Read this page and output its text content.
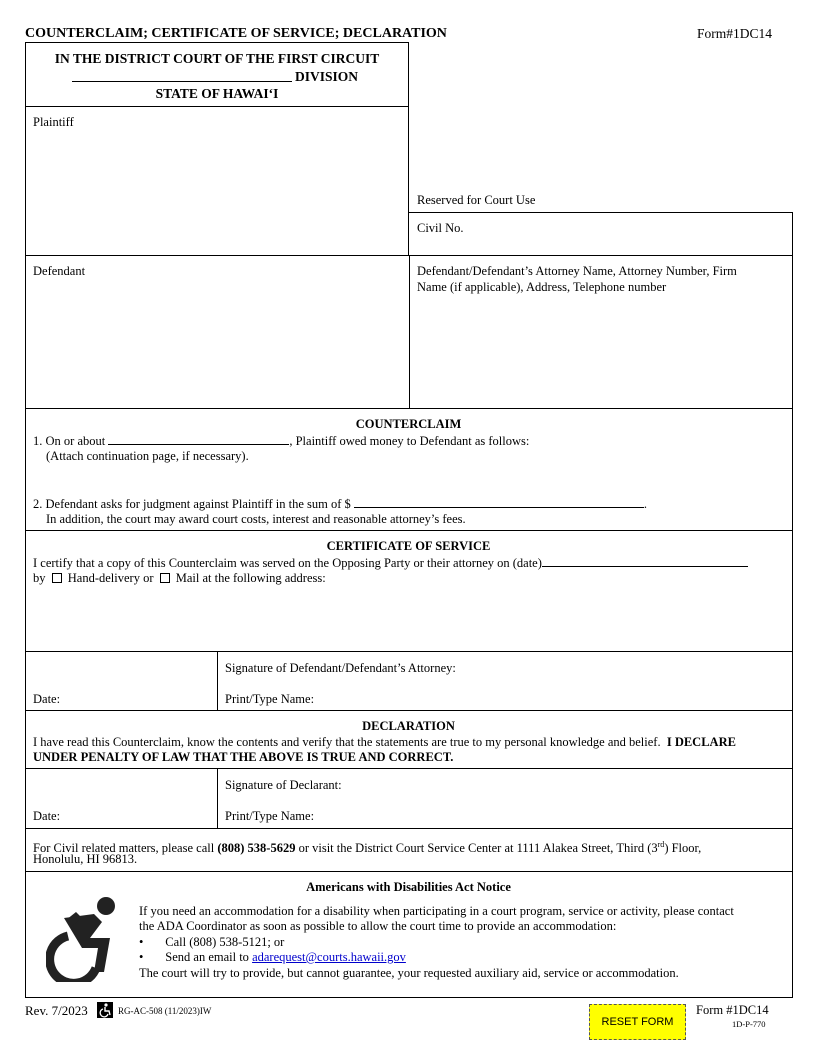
COUNTERCLAIM; CERTIFICATE OF SERVICE; DECLARATION	Form#1DC14
IN THE DISTRICT COURT OF THE FIRST CIRCUIT
DIVISION
STATE OF HAWAI‘I
Plaintiff
Reserved for Court Use
Civil No.
Defendant	Defendant/Defendant’s Attorney Name, Attorney Number, Firm
Name (if applicable), Address, Telephone number
COUNTERCLAIM
1. On or about	, Plaintiff owed money to Defendant as follows:
(Attach continuation page, if necessary).
2. Defendant asks for judgment against Plaintiff in the sum of $	.
In addition, the court may award court costs, interest and reasonable attorney’s fees.
CERTIFICATE OF SERVICE
I certify that a copy of this Counterclaim was served on the Opposing Party or their attorney on (date)
by Hand-delivery or Mail at the following address:
Signature of Defendant/Defendant’s Attorney:
Date:	Print/Type Name:
DECLARATION
I have read this Counterclaim, know the contents and verify that the statements are true to my personal knowledge and belief. I DECLARE
UNDER PENALTY OF LAW THAT THE ABOVE IS TRUE AND CORRECT.
Signature of Declarant:
Date:	Print/Type Name:
For Civil related matters, please call (808) 538-5629 or visit the District Court Service Center at 1111 Alakea Street, Third (3rd) Floor,
Honolulu, HI 96813.
Americans with Disabilities Act Notice
If you need an accommodation for a disability when participating in a court program, service or activity, please contact
the ADA Coordinator as soon as possible to allow the court time to provide an accommodation:
•       Call (808) 538-5121; or
•       Send an email to adarequest@courts.hawaii.gov
The court will try to provide, but cannot guarantee, your requested auxiliary aid, service or accommodation.
Rev. 7/2023	RG-AC-508 (11/2023)IW
RESET FORM
Form #1DC14
1D-P-770
